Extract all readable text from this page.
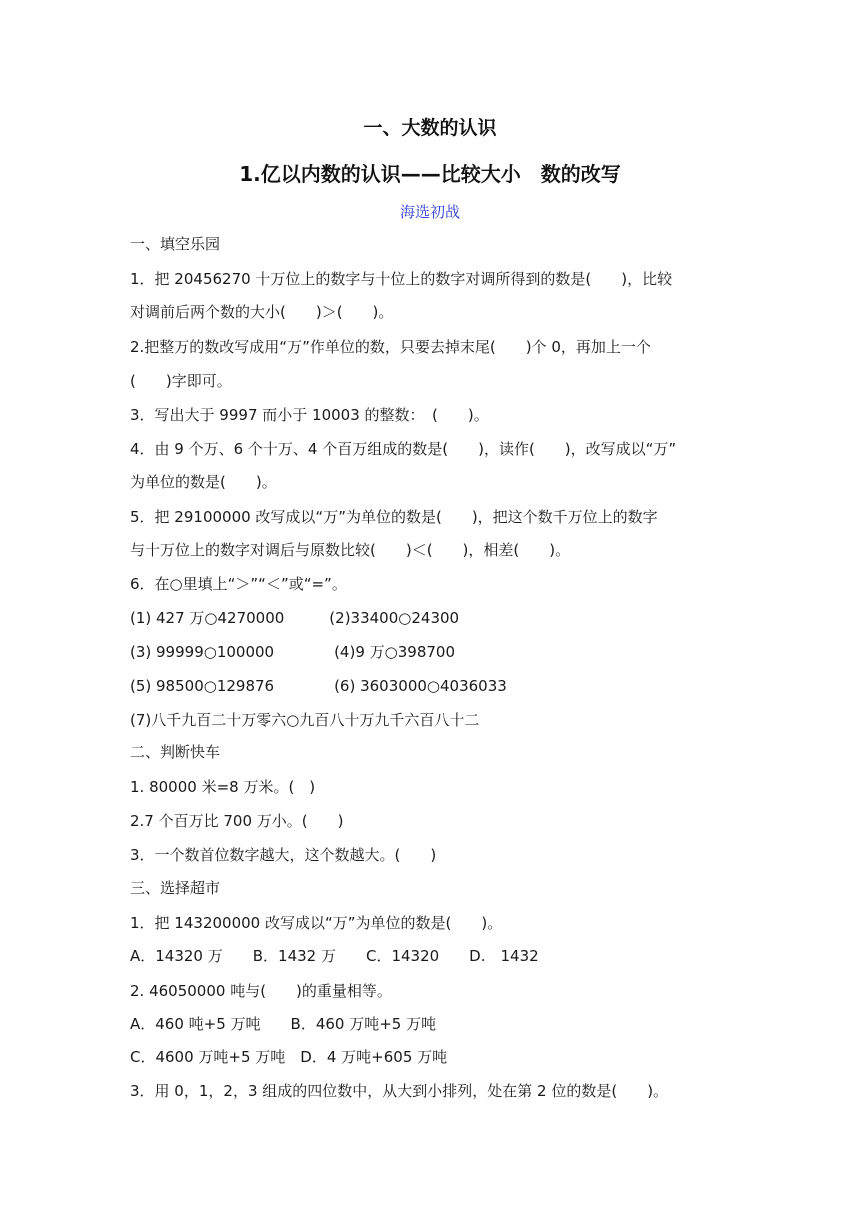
一、大数的认识
1.亿以内数的认识——比较大小　数的改写
海选初战
一、填空乐园
1．把 20456270 十万位上的数字与十位上的数字对调所得到的数是(　　)，比较
对调前后两个数的大小(　　)＞(　　)。
2.把整万的数改写成用“万”作单位的数，只要去掉末尾(　　)个 0，再加上一个
(　　)字即可。
3．写出大于 9997 而小于 10003 的整数：　(　　)。
4．由 9 个万、6 个十万、4 个百万组成的数是(　　)，读作(　　)，改写成以“万”
为单位的数是(　　)。
5．把 29100000 改写成以“万”为单位的数是(　　)，把这个数千万位上的数字
与十万位上的数字对调后与原数比较(　　)＜(　　)，相差(　　)。
6．在○里填上“＞”“＜”或“=”。
(1) 427 万○4270000　　　(2)33400○24300
(3) 99999○100000　　　　(4)9 万○398700
(5) 98500○129876　　　　(6) 3603000○4036033
(7)八千九百二十万零六○九百八十万九千六百八十二
二、判断快车
1. 80000 米=8 万米。(　)
2.7 个百万比 700 万小。(　　)
3．一个数首位数字越大，这个数越大。(　　)
三、选择超市
1．把 143200000 改写成以“万”为单位的数是(　　)。
A．14320 万　　B．1432 万　　C．14320　　D.　1432
2. 46050000 吨与(　　)的重量相等。
A．460 吨+5 万吨　　B．460 万吨+5 万吨
C．4600 万吨+5 万吨　D．4 万吨+605 万吨
3．用 0，1，2，3 组成的四位数中，从大到小排列，处在第 2 位的数是(　　)。
